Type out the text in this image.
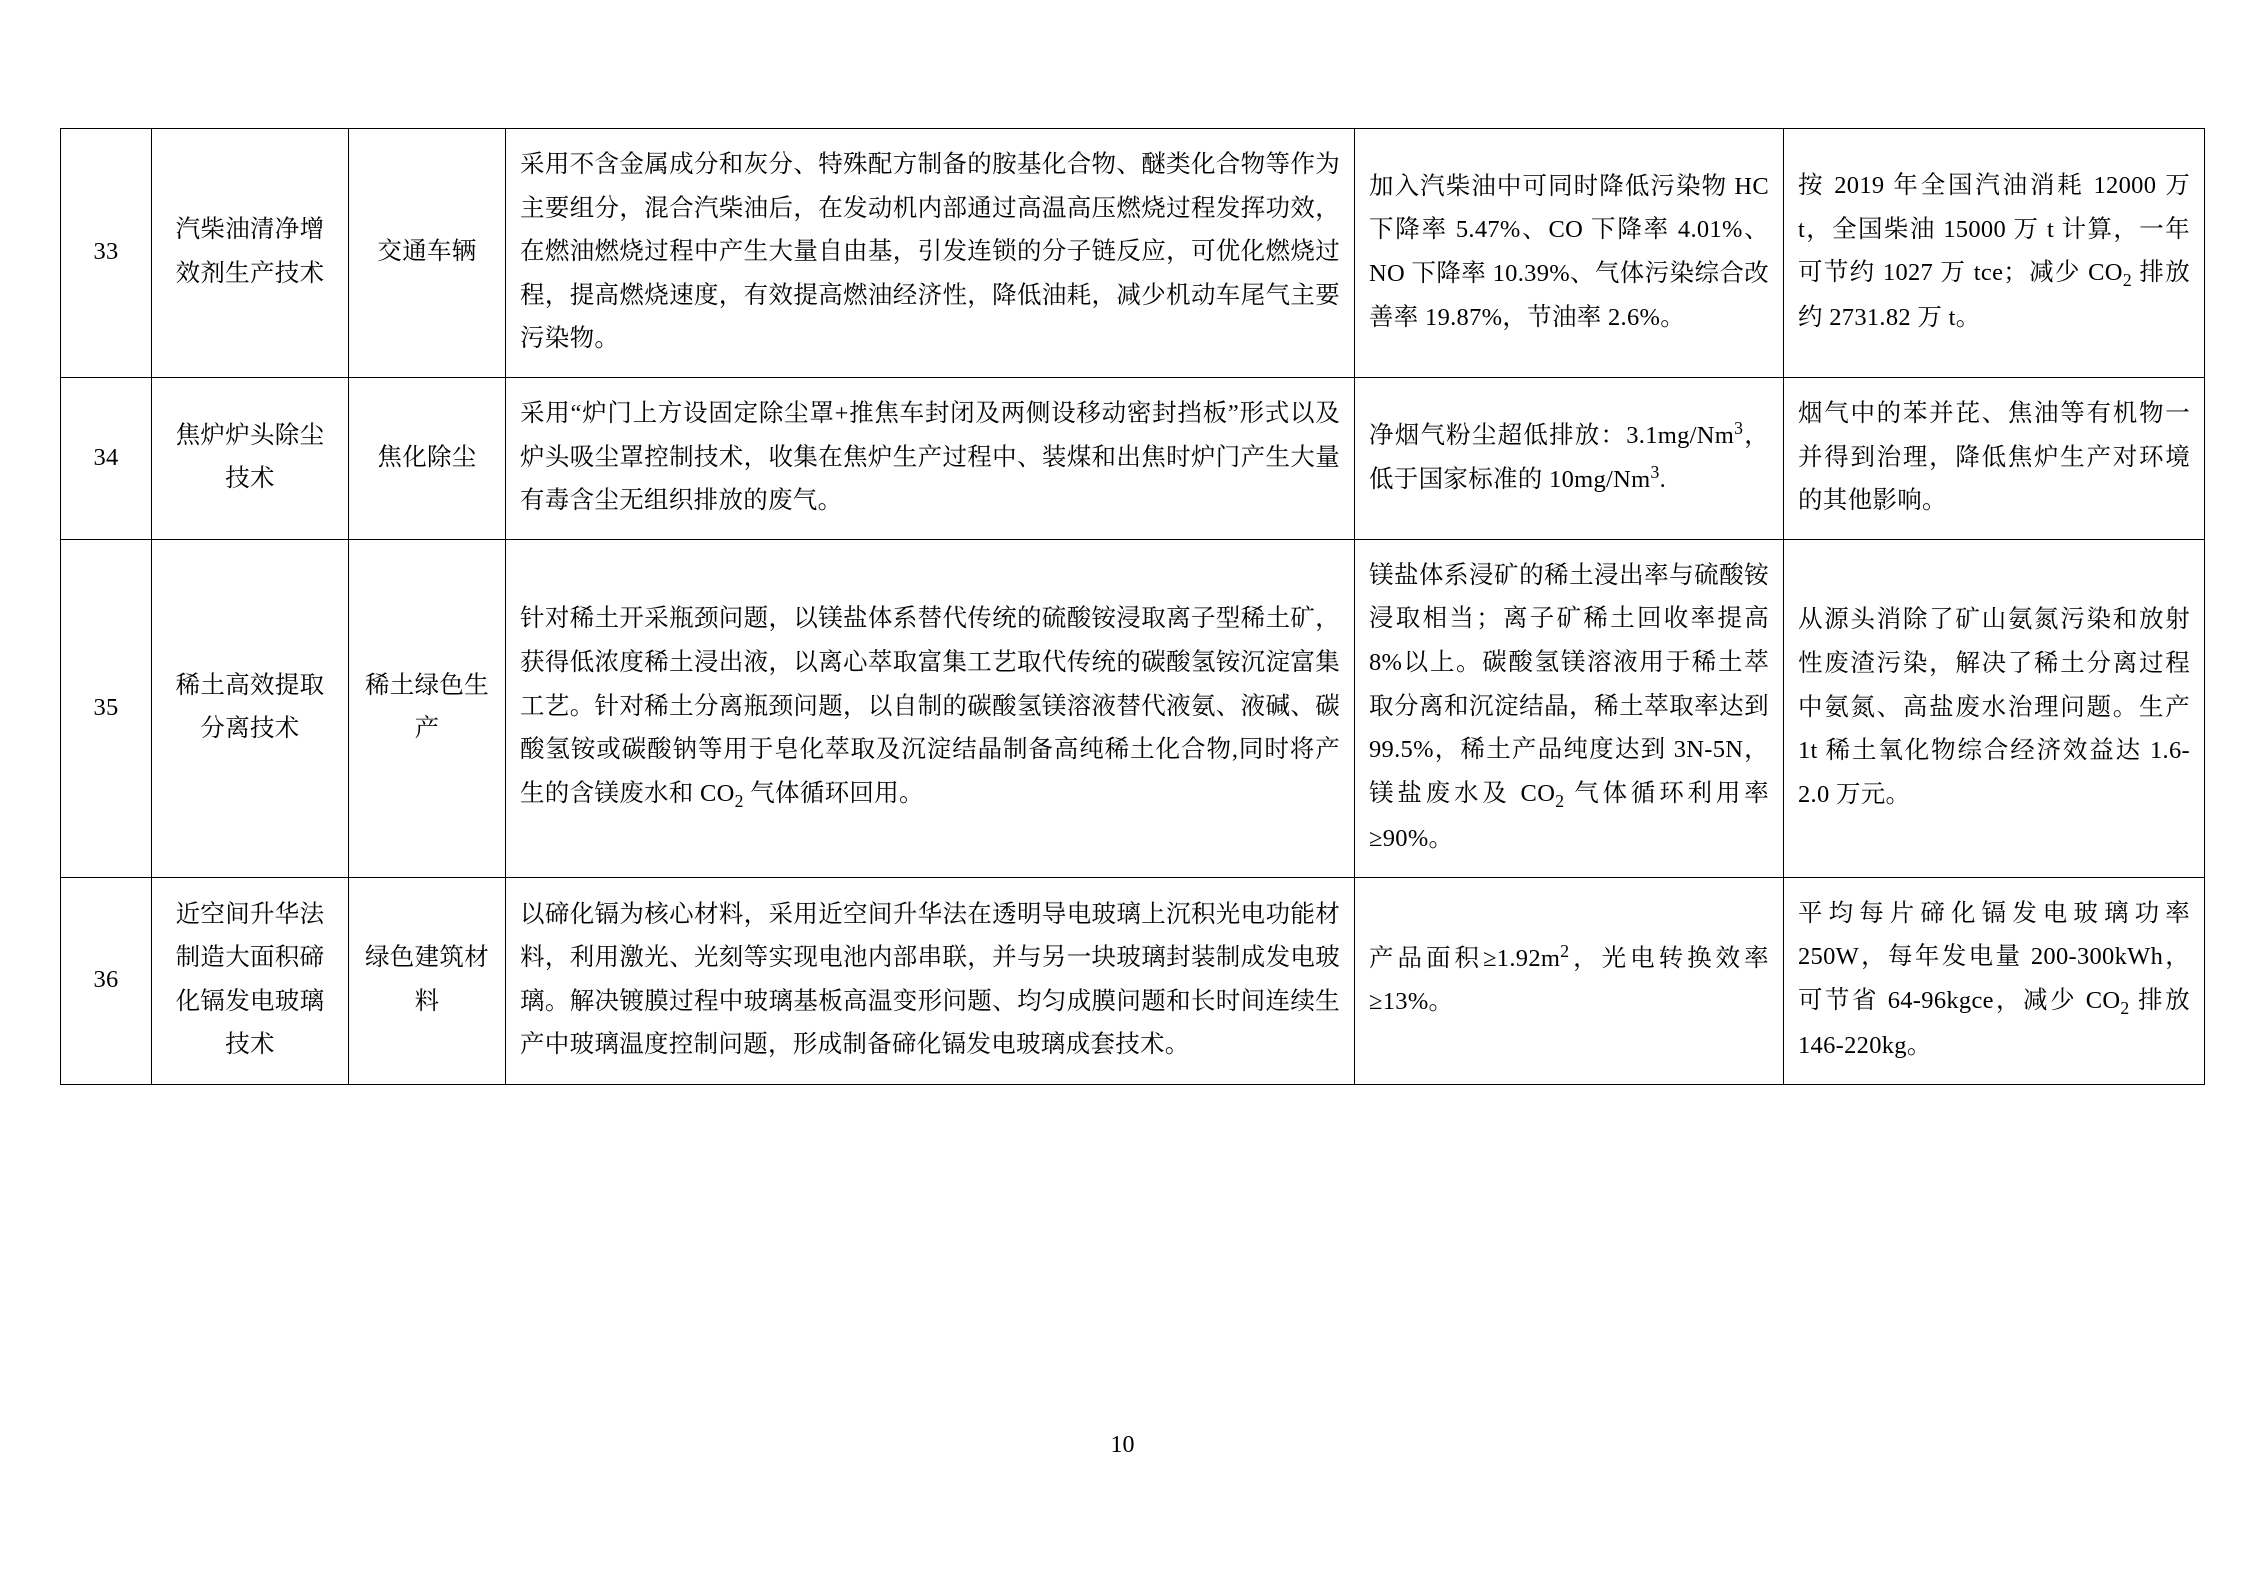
33	汽柴油清净增效剂生产技术	交通车辆	采用不含金属成分和灰分、特殊配方制备的胺基化合物、醚类化合物等作为主要组分，混合汽柴油后，在发动机内部通过高温高压燃烧过程发挥功效，在燃油燃烧过程中产生大量自由基，引发连锁的分子链反应，可优化燃烧过程，提高燃烧速度，有效提高燃油经济性，降低油耗，减少机动车尾气主要污染物。	加入汽柴油中可同时降低污染物 HC 下降率 5.47%、CO 下降率 4.01%、NO 下降率 10.39%、气体污染综合改善率 19.87%，节油率 2.6%。	按 2019 年全国汽油消耗 12000 万 t，全国柴油 15000 万 t 计算，一年可节约 1027 万 tce；减少 $CO_2$ 排放约 2731.82 万 t。
34	焦炉炉头除尘技术	焦化除尘	采用“炉门上方设固定除尘罩+推焦车封闭及两侧设移动密封挡板”形式以及炉头吸尘罩控制技术，收集在焦炉生产过程中、装煤和出焦时炉门产生大量有毒含尘无组织排放的废气。	净烟气粉尘超低排放：3.1mg/Nm$^3$，低于国家标准的 10mg/Nm$^3$.	烟气中的苯并芘、焦油等有机物一并得到治理，降低焦炉生产对环境的其他影响。
35	稀土高效提取分离技术	稀土绿色生产	针对稀土开采瓶颈问题，以镁盐体系替代传统的硫酸铵浸取离子型稀土矿，获得低浓度稀土浸出液，以离心萃取富集工艺取代传统的碳酸氢铵沉淀富集工艺。针对稀土分离瓶颈问题，以自制的碳酸氢镁溶液替代液氨、液碱、碳酸氢铵或碳酸钠等用于皂化萃取及沉淀结晶制备高纯稀土化合物,同时将产生的含镁废水和 $CO_2$ 气体循环回用。	镁盐体系浸矿的稀土浸出率与硫酸铵浸取相当；离子矿稀土回收率提高 8%以上。碳酸氢镁溶液用于稀土萃取分离和沉淀结晶，稀土萃取率达到 99.5%，稀土产品纯度达到 3N-5N，镁盐废水及 $CO_2$ 气体循环利用率≥90%。	从源头消除了矿山氨氮污染和放射性废渣污染，解决了稀土分离过程中氨氮、高盐废水治理问题。生产 1t 稀土氧化物综合经济效益达 1.6-2.0 万元。
36	近空间升华法制造大面积碲化镉发电玻璃技术	绿色建筑材料	以碲化镉为核心材料，采用近空间升华法在透明导电玻璃上沉积光电功能材料，利用激光、光刻等实现电池内部串联，并与另一块玻璃封装制成发电玻璃。解决镀膜过程中玻璃基板高温变形问题、均匀成膜问题和长时间连续生产中玻璃温度控制问题，形成制备碲化镉发电玻璃成套技术。	产品面积$\ge 1.92m^2$，光电转换效率≥13%。	平均每片碲化镉发电玻璃功率 250W，每年发电量 200-300kWh，可节省 64-96kgce，减少 $CO_2$ 排放 146-220kg。
10
